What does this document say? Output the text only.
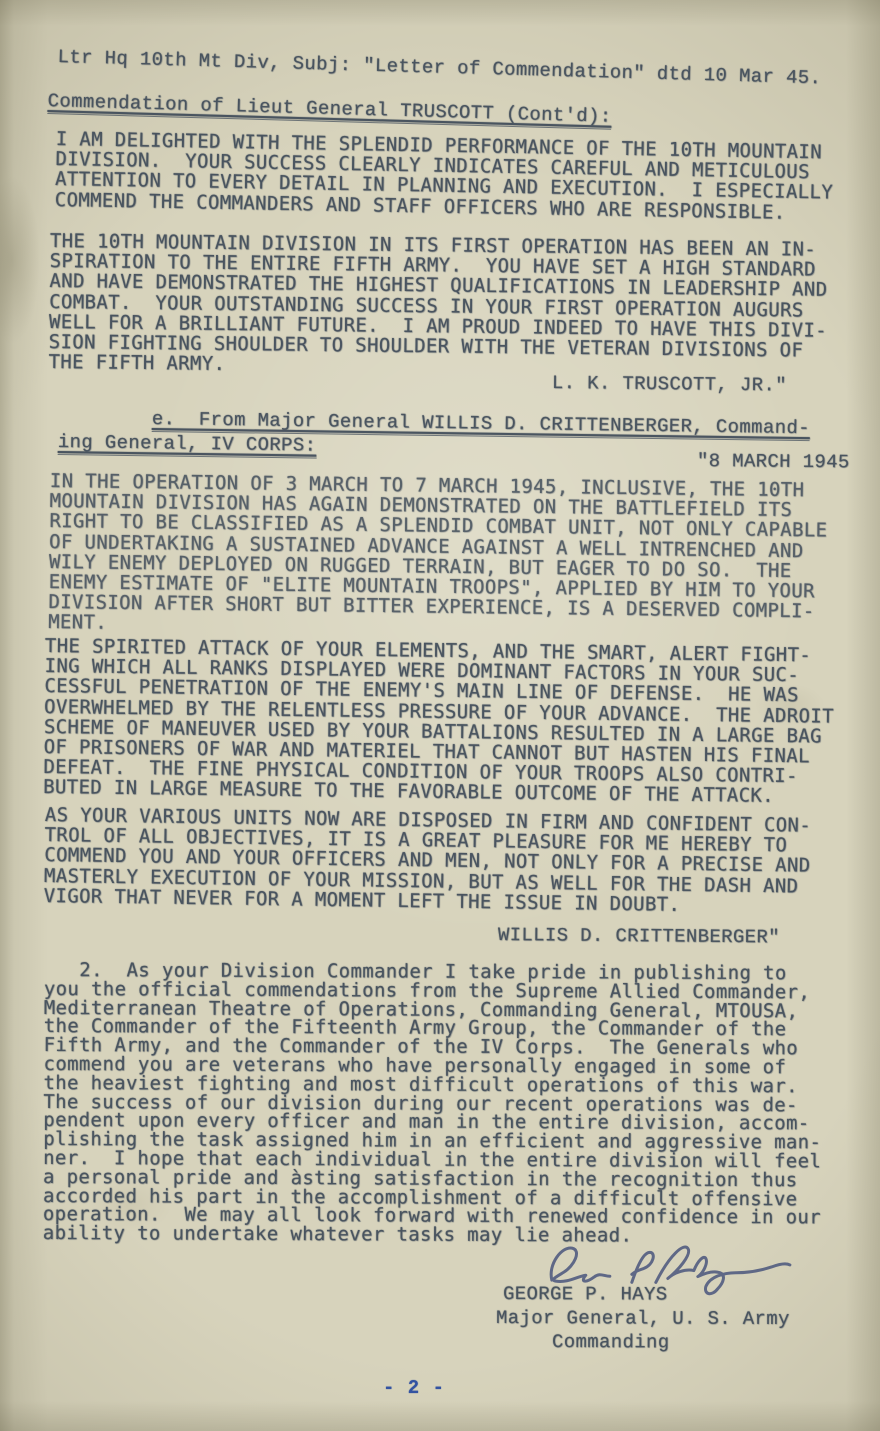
Ltr Hq 10th Mt Div, Subj: "Letter of Commendation" dtd 10 Mar 45.
Commendation of Lieut General TRUSCOTT (Cont'd):
I AM DELIGHTED WITH THE SPLENDID PERFORMANCE OF THE 10TH MOUNTAIN
DIVISION.  YOUR SUCCESS CLEARLY INDICATES CAREFUL AND METICULOUS
ATTENTION TO EVERY DETAIL IN PLANNING AND EXECUTION.  I ESPECIALLY
COMMEND THE COMMANDERS AND STAFF OFFICERS WHO ARE RESPONSIBLE.
THE 10TH MOUNTAIN DIVISION IN ITS FIRST OPERATION HAS BEEN AN IN-
SPIRATION TO THE ENTIRE FIFTH ARMY.  YOU HAVE SET A HIGH STANDARD
AND HAVE DEMONSTRATED THE HIGHEST QUALIFICATIONS IN LEADERSHIP AND
COMBAT.  YOUR OUTSTANDING SUCCESS IN YOUR FIRST OPERATION AUGURS
WELL FOR A BRILLIANT FUTURE.  I AM PROUD INDEED TO HAVE THIS DIVI-
SION FIGHTING SHOULDER TO SHOULDER WITH THE VETERAN DIVISIONS OF
THE FIFTH ARMY.
L. K. TRUSCOTT, JR."
e.  From Major General WILLIS D. CRITTENBERGER, Command-
ing General, IV CORPS:
"8 MARCH 1945
IN THE OPERATION OF 3 MARCH TO 7 MARCH 1945, INCLUSIVE, THE 10TH
MOUNTAIN DIVISION HAS AGAIN DEMONSTRATED ON THE BATTLEFIELD ITS
RIGHT TO BE CLASSIFIED AS A SPLENDID COMBAT UNIT, NOT ONLY CAPABLE
OF UNDERTAKING A SUSTAINED ADVANCE AGAINST A WELL INTRENCHED AND
WILY ENEMY DEPLOYED ON RUGGED TERRAIN, BUT EAGER TO DO SO.  THE
ENEMY ESTIMATE OF "ELITE MOUNTAIN TROOPS", APPLIED BY HIM TO YOUR
DIVISION AFTER SHORT BUT BITTER EXPERIENCE, IS A DESERVED COMPLI-
MENT.
THE SPIRITED ATTACK OF YOUR ELEMENTS, AND THE SMART, ALERT FIGHT-
ING WHICH ALL RANKS DISPLAYED WERE DOMINANT FACTORS IN YOUR SUC-
CESSFUL PENETRATION OF THE ENEMY'S MAIN LINE OF DEFENSE.  HE WAS
OVERWHELMED BY THE RELENTLESS PRESSURE OF YOUR ADVANCE.  THE ADROIT
SCHEME OF MANEUVER USED BY YOUR BATTALIONS RESULTED IN A LARGE BAG
OF PRISONERS OF WAR AND MATERIEL THAT CANNOT BUT HASTEN HIS FINAL
DEFEAT.  THE FINE PHYSICAL CONDITION OF YOUR TROOPS ALSO CONTRI-
BUTED IN LARGE MEASURE TO THE FAVORABLE OUTCOME OF THE ATTACK.
AS YOUR VARIOUS UNITS NOW ARE DISPOSED IN FIRM AND CONFIDENT CON-
TROL OF ALL OBJECTIVES, IT IS A GREAT PLEASURE FOR ME HEREBY TO
COMMEND YOU AND YOUR OFFICERS AND MEN, NOT ONLY FOR A PRECISE AND
MASTERLY EXECUTION OF YOUR MISSION, BUT AS WELL FOR THE DASH AND
VIGOR THAT NEVER FOR A MOMENT LEFT THE ISSUE IN DOUBT.
WILLIS D. CRITTENBERGER"
2.  As your Division Commander I take pride in publishing to
you the official commendations from the Supreme Allied Commander,
Mediterranean Theatre of Operations, Commanding General, MTOUSA,
the Commander of the Fifteenth Army Group, the Commander of the
Fifth Army, and the Commander of the IV Corps.  The Generals who
commend you are veterans who have personally engaged in some of
the heaviest fighting and most difficult operations of this war.
The success of our division during our recent operations was de-
pendent upon every officer and man in the entire division, accom-
plishing the task assigned him in an efficient and aggressive man-
ner.  I hope that each individual in the entire division will feel
a personal pride and àsting satisfaction in the recognition thus
accorded his part in the accomplishment of a difficult offensive
operation.  We may all look forward with renewed confidence in our
ability to undertake whatever tasks may lie ahead.
GEORGE P. HAYS
Major General, U. S. Army
Commanding
- 2 -
